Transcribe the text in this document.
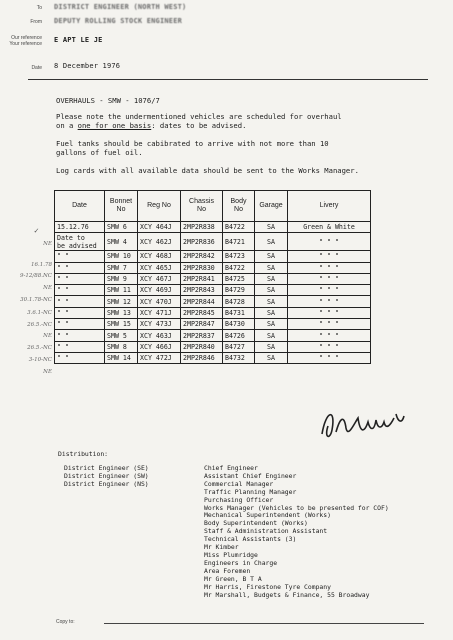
To DISTRICT ENGINEER (NORTH WEST)
From DEPUTY ROLLING STOCK ENGINEER
Our reference
Your reference E APT LE JE
Date 8 December 1976
OVERHAULS - SMW - 1076/7
Please note the undermentioned vehicles are scheduled for overhaul
on a one for one basis: dates to be advised.
Fuel tanks should be cabibrated to arrive with not more than 10
gallons of fuel oil.
Log cards with all available data should be sent to the Works Manager.
Date	Bonnet
No	Reg No	Chassis
No	Body
No	Garage	Livery
15.12.76	SMW 6	XCY 464J	2MP2R838	B4722	SA	Green & White
Date to
be advised	SMW 4	XCY 462J	2MP2R836	B4721	SA	" " "
" "	SMW 10	XCY 468J	2MP2R842	B4723	SA	" " "
" "	SMW 7	XCY 465J	2MP2R830	B4722	SA	" " "
" "	SMW 9	XCY 467J	2MP2R841	B4725	SA	" " "
" "	SMW 11	XCY 469J	2MP2R843	B4729	SA	" " "
" "	SMW 12	XCY 470J	2MP2R844	B4728	SA	" " "
" "	SMW 13	XCY 471J	2MP2R845	B4731	SA	" " "
" "	SMW 15	XCY 473J	2MP2R847	B4730	SA	" " "
" "	SMW 5	XCY 463J	2MP2R837	B4726	SA	" " "
" "	SMW 8	XCY 466J	2MP2R840	B4727	SA	" " "
" "	SMW 14	XCY 472J	2MP2R846	B4732	SA	" " "
✓
NE
16.1.78
9-12/88.NC
NE
30.1.78-NC
3.6.1-NC
26.5.-NC
NE
26.5.-NC
3-10-NC
NE
Distribution:
District Engineer (SE)
District Engineer (SW)
District Engineer (NS)
Chief Engineer
Assistant Chief Engineer
Commercial Manager
Traffic Planning Manager
Purchasing Officer
Works Manager (Vehicles to be presented for COF)
Mechanical Superintendent (Works)
Body Superintendent (Works)
Staff & Administration Assistant
Technical Assistants (3)
Mr Kimber
Miss Plumridge
Engineers in Charge
Area Foremen
Mr Green, B T A
Mr Harris, Firestone Tyre Company
Mr Marshall, Budgets & Finance, 55 Broadway
Copy to:
